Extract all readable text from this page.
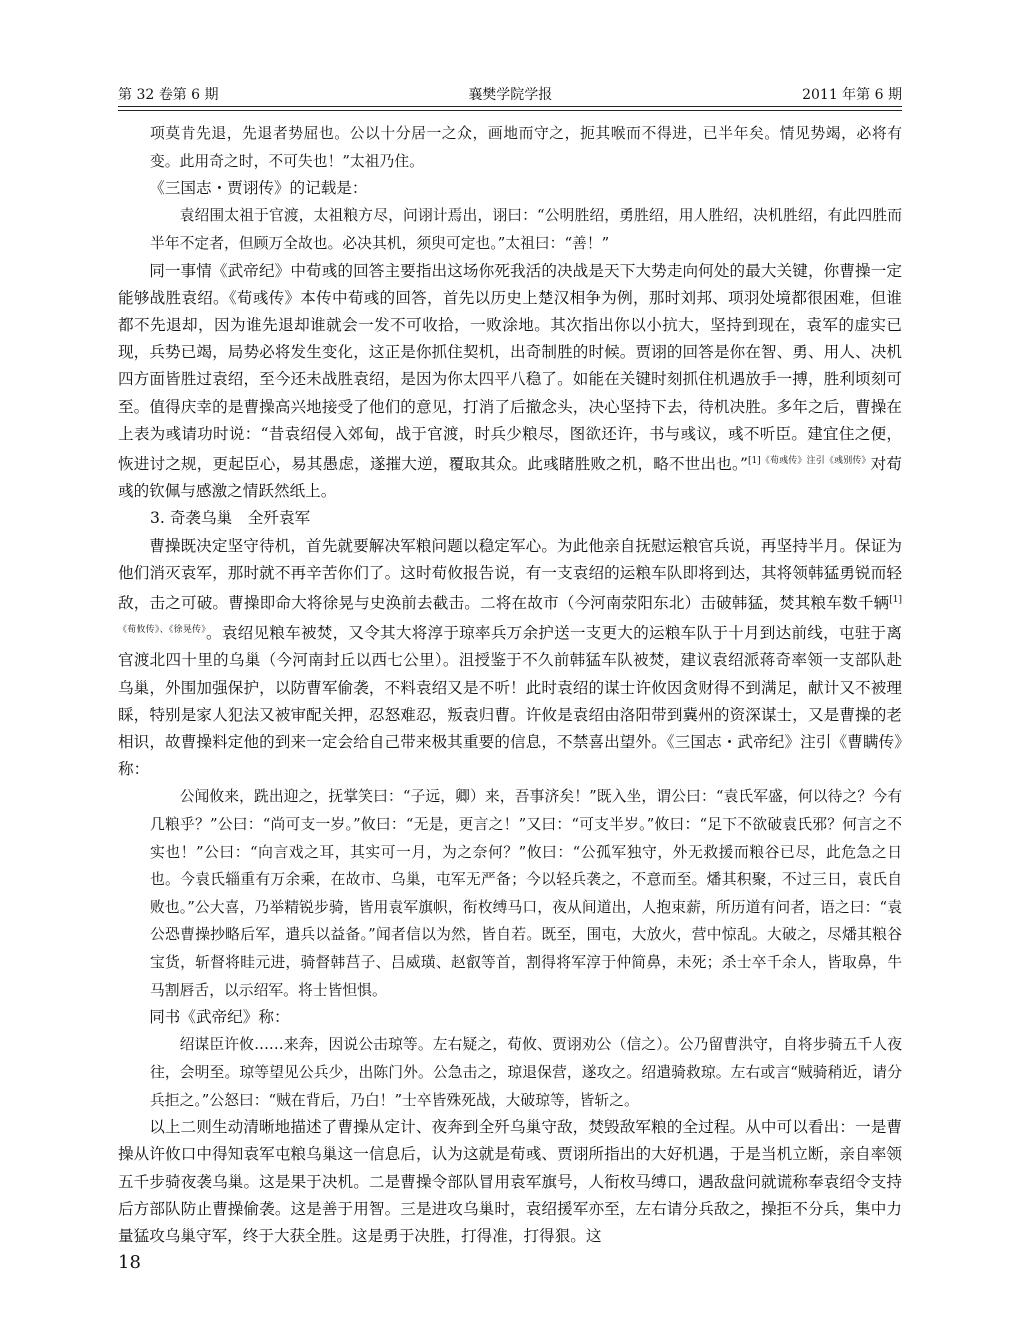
第 32 卷第 6 期	襄樊学院学报	2011 年第 6 期

项莫肯先退，先退者势屈也。公以十分居一之众，画地而守之，扼其喉而不得进，已半年矣。情见势竭，必将有变。此用奇之时，不可失也！”太祖乃住。

《三国志・贾诩传》的记载是：

袁绍围太祖于官渡，太祖粮方尽，问诩计焉出，诩曰：“公明胜绍，勇胜绍，用人胜绍，决机胜绍，有此四胜而半年不定者，但顾万全故也。必决其机，须臾可定也。”太祖曰：“善！”

同一事情《武帝纪》中荀彧的回答主要指出这场你死我活的决战是天下大势走向何处的最大关键，你曹操一定能够战胜袁绍。《荀彧传》本传中荀彧的回答，首先以历史上楚汉相争为例，那时刘邦、项羽处境都很困难，但谁都不先退却，因为谁先退却谁就会一发不可收拾，一败涂地。其次指出你以小抗大，坚持到现在，袁军的虚实已现，兵势已竭，局势必将发生变化，这正是你抓住契机，出奇制胜的时候。贾诩的回答是你在智、勇、用人、决机四方面皆胜过袁绍，至今还未战胜袁绍，是因为你太四平八稳了。如能在关键时刻抓住机遇放手一搏，胜利顷刻可至。值得庆幸的是曹操高兴地接受了他们的意见，打消了后撤念头，决心坚持下去，待机决胜。多年之后，曹操在上表为彧请功时说：“昔袁绍侵入郊甸，战于官渡，时兵少粮尽，图欲还许，书与彧议，彧不听臣。建宜住之便，恢进讨之规，更起臣心，易其愚虑，遂摧大逆，覆取其众。此彧睹胜败之机，略不世出也。”$^{[1]《荀彧传》注引《彧别传》}$对荀彧的钦佩与感激之情跃然纸上。

3. 奇袭乌巢　全歼袁军

曹操既决定坚守待机，首先就要解决军粮问题以稳定军心。为此他亲自抚慰运粮官兵说，再坚持半月。保证为他们消灭袁军，那时就不再辛苦你们了。这时荀攸报告说，有一支袁绍的运粮车队即将到达，其将领韩猛勇锐而轻敌，击之可破。曹操即命大将徐晃与史涣前去截击。二将在故市（今河南荥阳东北）击破韩猛，焚其粮车数千辆$^{[1]《荀攸传》、《徐晃传》}$。袁绍见粮车被焚，又令其大将淳于琼率兵万余护送一支更大的运粮车队于十月到达前线，屯驻于离官渡北四十里的乌巢（今河南封丘以西七公里）。沮授鉴于不久前韩猛车队被焚，建议袁绍派蒋奇率领一支部队赴乌巢，外围加强保护，以防曹军偷袭，不料袁绍又是不听！此时袁绍的谋士许攸因贪财得不到满足，献计又不被理睬，特别是家人犯法又被审配关押，忍怒难忍，叛袁归曹。许攸是袁绍由洛阳带到冀州的资深谋士，又是曹操的老相识，故曹操料定他的到来一定会给自己带来极其重要的信息，不禁喜出望外。《三国志・武帝纪》注引《曹瞒传》称：

公闻攸来，跣出迎之，抚掌笑曰：“子远，卿）来，吾事济矣！”既入坐，谓公曰：“袁氏军盛，何以待之？今有几粮乎？”公曰：“尚可支一岁。”攸曰：“无是，更言之！”又曰：“可支半岁。”攸曰：“足下不欲破袁氏邪？何言之不实也！”公曰：“向言戏之耳，其实可一月，为之奈何？”攸曰：“公孤军独守，外无救援而粮谷已尽，此危急之日也。今袁氏辎重有万余乘，在故市、乌巢，屯军无严备；今以轻兵袭之，不意而至。燔其积聚，不过三日，袁氏自败也。”公大喜，乃举精锐步骑，皆用袁军旗帜，衔枚缚马口，夜从间道出，人抱束薪，所历道有问者，语之曰：“袁公恐曹操抄略后军，遣兵以益备。”闻者信以为然，皆自若。既至，围屯，大放火，营中惊乱。大破之，尽燔其粮谷宝货，斩督将眭元进，骑督韩莒子、吕威璜、赵叡等首，割得将军淳于仲简鼻，未死；杀士卒千余人，皆取鼻，牛马割唇舌，以示绍军。将士皆怛惧。

同书《武帝纪》称：

绍谋臣许攸……来奔，因说公击琼等。左右疑之，荀攸、贾诩劝公（信之）。公乃留曹洪守，自将步骑五千人夜往，会明至。琼等望见公兵少，出陈门外。公急击之，琼退保营，遂攻之。绍遣骑救琼。左右或言“贼骑稍近，请分兵拒之。”公怒曰：“贼在背后，乃白！”士卒皆殊死战，大破琼等，皆斩之。

以上二则生动清晰地描述了曹操从定计、夜奔到全歼乌巢守敌，焚毁敌军粮的全过程。从中可以看出：一是曹操从许攸口中得知袁军屯粮乌巢这一信息后，认为这就是荀彧、贾诩所指出的大好机遇，于是当机立断，亲自率领五千步骑夜袭乌巢。这是果于决机。二是曹操令部队冒用袁军旗号，人衔枚马缚口，遇敌盘问就谎称奉袁绍令支持后方部队防止曹操偷袭。这是善于用智。三是进攻乌巢时，袁绍援军亦至，左右请分兵敌之，操拒不分兵，集中力量猛攻乌巢守军，终于大获全胜。这是勇于决胜，打得准，打得狠。这

18
